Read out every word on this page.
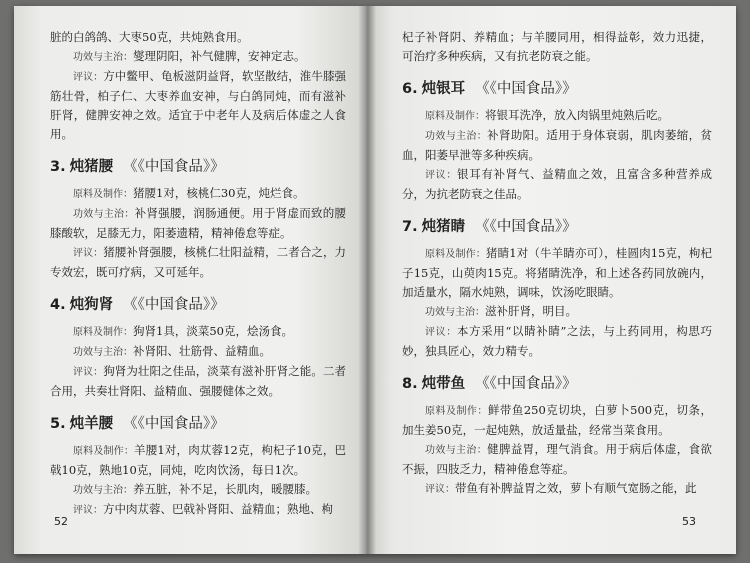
脏的白鸽鸽、大枣50克，共炖熟食用。

功效与主治：燮理阴阳，补气健脾，安神定志。

评议：方中鳖甲、龟板滋阴益肾，软坚散结，淮牛膝强筋壮骨，柏子仁、大枣养血安神，与白鸽同炖，而有滋补肝肾，健脾安神之效。适宜于中老年人及病后体虚之人食用。

3. 炖猪腰 《《中国食品》》

原料及制作：猪腰1对，核桃仁30克，炖烂食。

功效与主治：补肾强腰，润肠通便。用于肾虚而致的腰膝酸软，足膝无力，阳萎遗精，精神倦怠等症。

评议：猪腰补肾强腰，核桃仁壮阳益精，二者合之，力专效宏，既可疗病，又可延年。

4. 炖狗肾 《《中国食品》》

原料及制作：狗肾1具，淡菜50克，烩汤食。

功效与主治：补肾阳、壮筋骨、益精血。

评议：狗肾为壮阳之佳品，淡菜有滋补肝肾之能。二者合用，共奏壮肾阳、益精血、强腰健体之效。

5. 炖羊腰 《《中国食品》》

原料及制作：羊腰1对，肉苁蓉12克，枸杞子10克，巴戟10克，熟地10克，同炖，吃肉饮汤，每日1次。

功效与主治：养五脏，补不足，长肌肉，暖腰膝。

评议：方中肉苁蓉、巴戟补肾阳、益精血；熟地、枸

52

杞子补肾阴、养精血；与羊腰同用，相得益彰，效力迅捷，可治疗多种疾病，又有抗老防衰之能。

6. 炖银耳 《《中国食品》》

原料及制作：将银耳洗净，放入肉锅里炖熟后吃。

功效与主治：补肾助阳。适用于身体衰弱，肌肉萎缩，贫血，阳萎早泄等多种疾病。

评议：银耳有补肾气、益精血之效，且富含多种营养成分，为抗老防衰之佳品。

7. 炖猪睛 《《中国食品》》

原料及制作：猪睛1对（牛羊睛亦可），桂圆肉15克，枸杞子15克，山萸肉15克。将猪睛洗净，和上述各药同放碗内，加适量水，隔水炖熟，调味，饮汤吃眼睛。

功效与主治：滋补肝肾，明目。

评议：本方采用“以睛补睛”之法，与上药同用，构思巧妙，独具匠心，效力精专。

8. 炖带鱼 《《中国食品》》

原料及制作：鲜带鱼250克切块，白萝卜500克，切条，加生姜50克，一起炖熟，放适量盐，经常当菜食用。

功效与主治：健脾益胃，理气消食。用于病后体虚，食欲不振，四肢乏力，精神倦怠等症。

评议：带鱼有补脾益胃之效，萝卜有顺气宽肠之能，此

53
